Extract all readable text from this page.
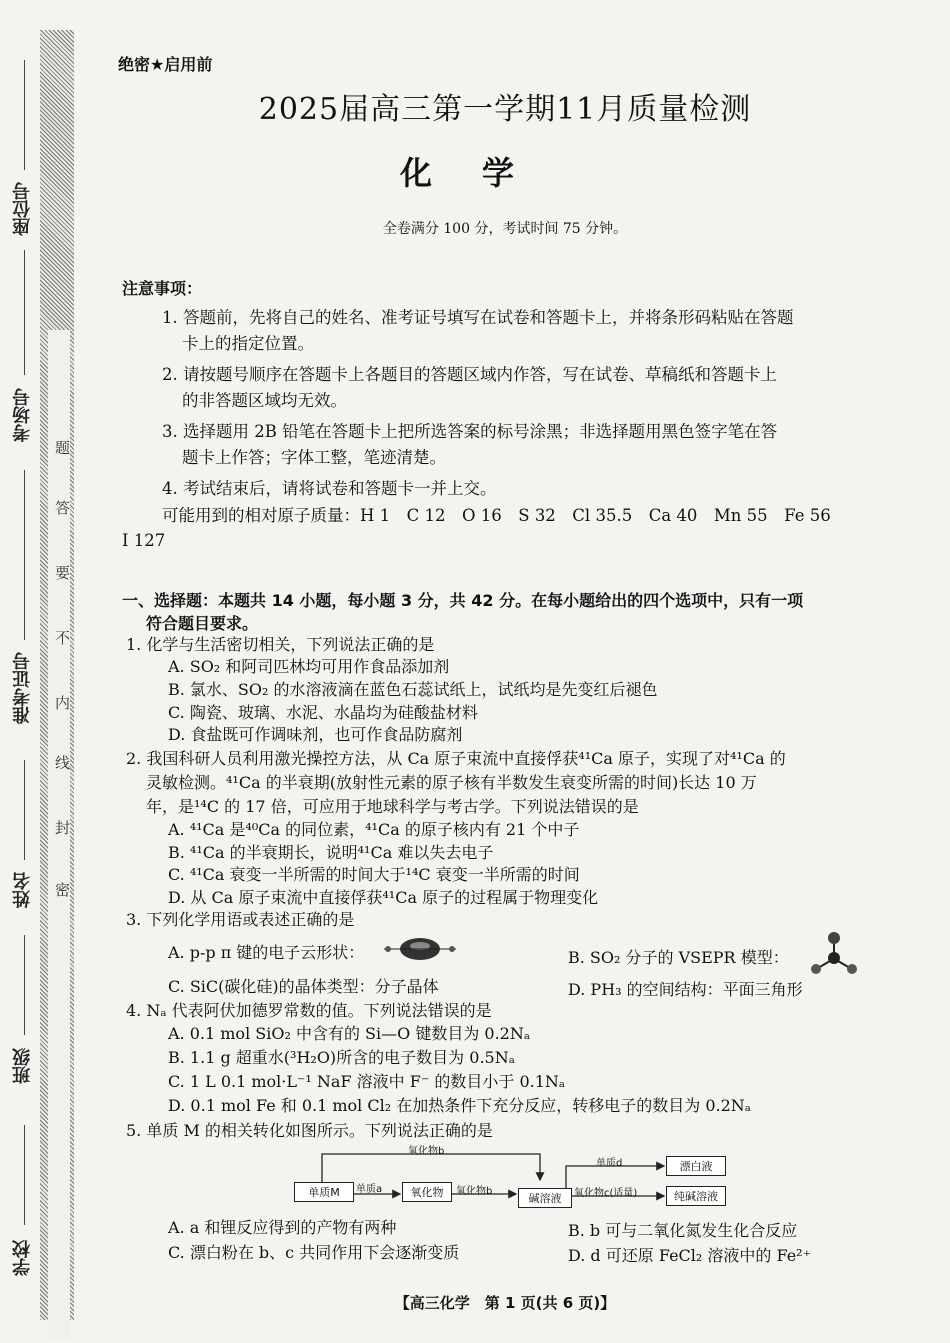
题
答
要
不
内
线
封
密
座位号
考场号
准考证号
姓名
班级
学校
绝密★启用前
2025届高三第一学期11月质量检测
化学
全卷满分 100 分，考试时间 75 分钟。
注意事项：
1. 答题前，先将自己的姓名、准考证号填写在试卷和答题卡上，并将条形码粘贴在答题
卡上的指定位置。
2. 请按题号顺序在答题卡上各题目的答题区域内作答，写在试卷、草稿纸和答题卡上
的非答题区域均无效。
3. 选择题用 2B 铅笔在答题卡上把所选答案的标号涂黑；非选择题用黑色签字笔在答
题卡上作答；字体工整，笔迹清楚。
4. 考试结束后，请将试卷和答题卡一并上交。
可能用到的相对原子质量：H 1　C 12　O 16　S 32　Cl 35.5　Ca 40　Mn 55　Fe 56
I 127
一、选择题：本题共 14 小题，每小题 3 分，共 42 分。在每小题给出的四个选项中，只有一项
符合题目要求。
1. 化学与生活密切相关，下列说法正确的是
A. SO₂ 和阿司匹林均可用作食品添加剂
B. 氯水、SO₂ 的水溶液滴在蓝色石蕊试纸上，试纸均是先变红后褪色
C. 陶瓷、玻璃、水泥、水晶均为硅酸盐材料
D. 食盐既可作调味剂，也可作食品防腐剂
2. 我国科研人员利用激光操控方法，从 Ca 原子束流中直接俘获⁴¹Ca 原子，实现了对⁴¹Ca 的
灵敏检测。⁴¹Ca 的半衰期(放射性元素的原子核有半数发生衰变所需的时间)长达 10 万
年，是¹⁴C 的 17 倍，可应用于地球科学与考古学。下列说法错误的是
A. ⁴¹Ca 是⁴⁰Ca 的同位素，⁴¹Ca 的原子核内有 21 个中子
B. ⁴¹Ca 的半衰期长，说明⁴¹Ca 难以失去电子
C. ⁴¹Ca 衰变一半所需的时间大于¹⁴C 衰变一半所需的时间
D. 从 Ca 原子束流中直接俘获⁴¹Ca 原子的过程属于物理变化
3. 下列化学用语或表述正确的是
A. p-p π 键的电子云形状：	B. SO₂ 分子的 VSEPR 模型：
C. SiC(碳化硅)的晶体类型：分子晶体	D. PH₃ 的空间结构：平面三角形
4. Nₐ 代表阿伏加德罗常数的值。下列说法错误的是
A. 0.1 mol SiO₂ 中含有的 Si—O 键数目为 0.2Nₐ
B. 1.1 g 超重水(³H₂O)所含的电子数目为 0.5Nₐ
C. 1 L 0.1 mol·L⁻¹ NaF 溶液中 F⁻ 的数目小于 0.1Nₐ
D. 0.1 mol Fe 和 0.1 mol Cl₂ 在加热条件下充分反应，转移电子的数目为 0.2Nₐ
5. 单质 M 的相关转化如图所示。下列说法正确的是
单质M	氧化物	碱溶液
漂白液
纯碱溶液
氧化物b
单质a	氧化物b
单质d
氧化物c(适量)
A. a 和锂反应得到的产物有两种	B. b 可与二氧化氮发生化合反应
C. 漂白粉在 b、c 共同作用下会逐渐变质	D. d 可还原 FeCl₂ 溶液中的 Fe²⁺
【高三化学　第 1 页(共 6 页)】
